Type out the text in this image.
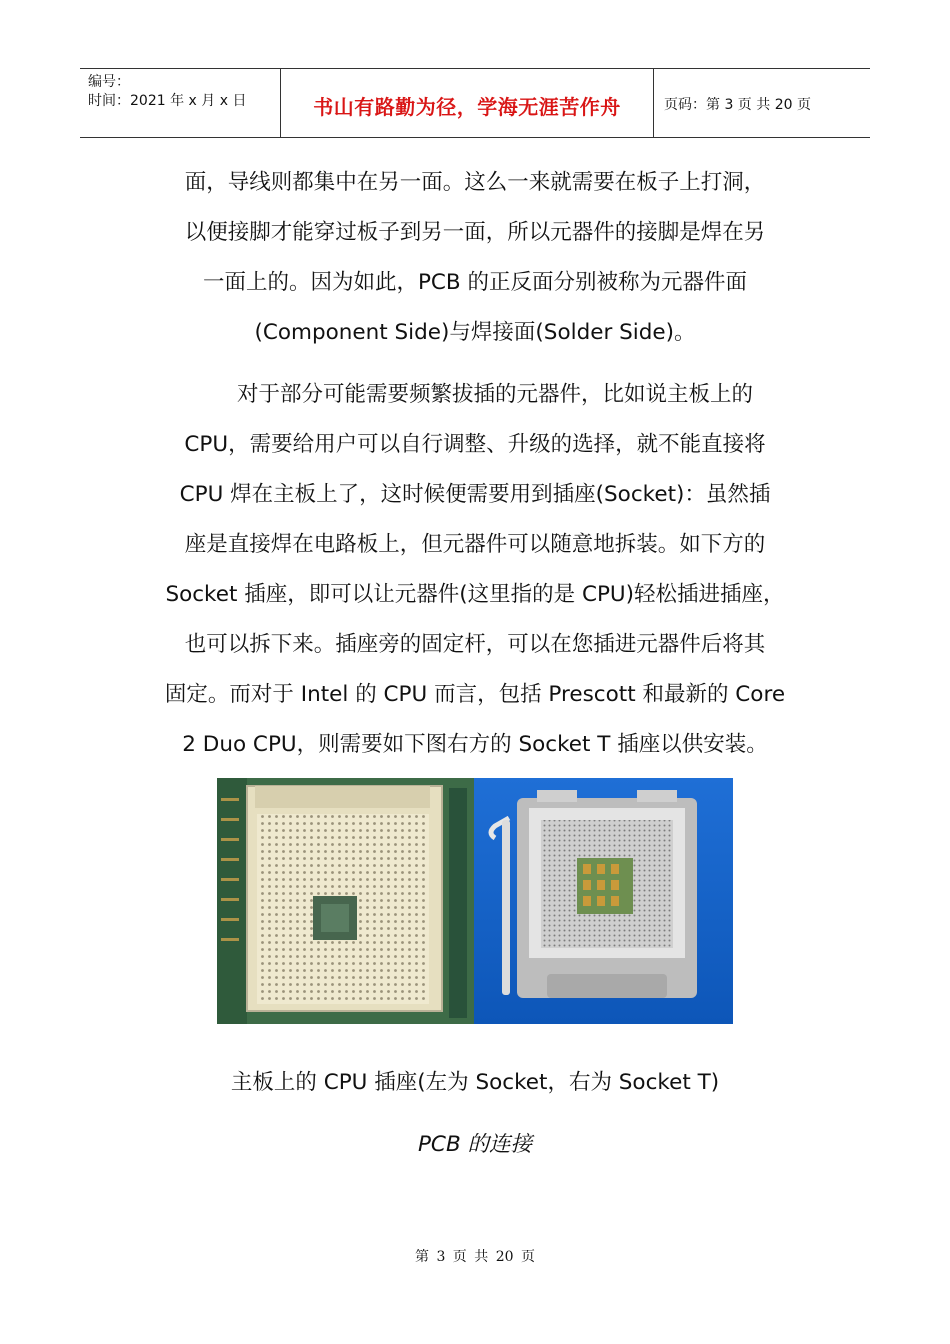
编号：
时间：2021 年 x 月 x 日	书山有路勤为径，学海无涯苦作舟	页码：第 3 页 共 20 页
面，导线则都集中在另一面。这么一来就需要在板子上打洞，
以便接脚才能穿过板子到另一面，所以元器件的接脚是焊在另
一面上的。因为如此，PCB 的正反面分别被称为元器件面
(Component Side)与焊接面(Solder Side)。
对于部分可能需要频繁拔插的元器件，比如说主板上的
CPU，需要给用户可以自行调整、升级的选择，就不能直接将
CPU 焊在主板上了，这时候便需要用到插座(Socket)：虽然插
座是直接焊在电路板上，但元器件可以随意地拆装。如下方的
Socket 插座，即可以让元器件(这里指的是 CPU)轻松插进插座，
也可以拆下来。插座旁的固定杆，可以在您插进元器件后将其
固定。而对于 Intel 的 CPU 而言，包括 Prescott 和最新的 Core
2 Duo CPU，则需要如下图右方的 Socket T 插座以供安装。
主板上的 CPU 插座(左为 Socket，右为 Socket T)
PCB 的连接
第 3 页 共 20 页
